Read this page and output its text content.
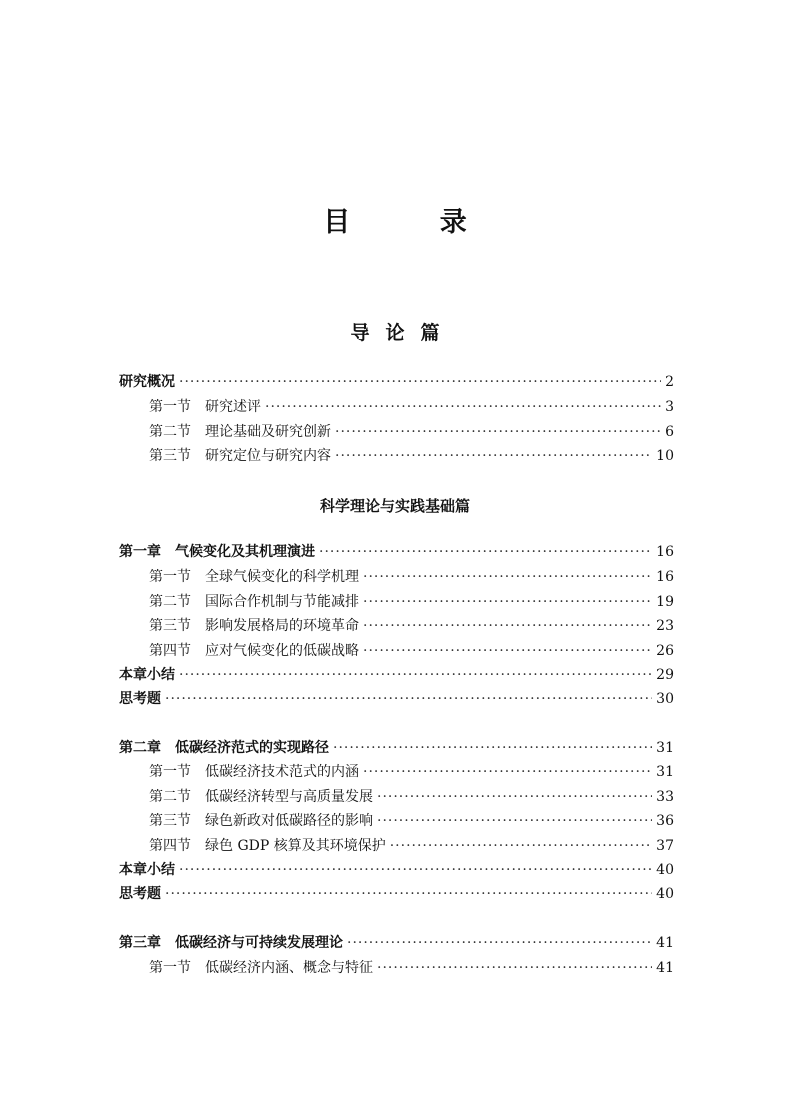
目 录
导论篇
科学理论与实践基础篇
研究概况 ·····	2
第一节　研究述评 ·····	3
第二节　理论基础及研究创新 ·····	6
第三节　研究定位与研究内容 ·····	10
第一章　气候变化及其机理演进 ·····	16
第一节　全球气候变化的科学机理 ·····	16
第二节　国际合作机制与节能减排 ·····	19
第三节　影响发展格局的环境革命 ·····	23
第四节　应对气候变化的低碳战略 ·····	26
本章小结 ·····	29
思考题 ·····	30
第二章　低碳经济范式的实现路径 ·····	31
第一节　低碳经济技术范式的内涵 ·····	31
第二节　低碳经济转型与高质量发展 ·····	33
第三节　绿色新政对低碳路径的影响 ·····	36
第四节　绿色 GDP 核算及其环境保护 ·····	37
本章小结 ·····	40
思考题 ·····	40
第三章　低碳经济与可持续发展理论 ·····	41
第一节　低碳经济内涵、概念与特征 ·····	41
